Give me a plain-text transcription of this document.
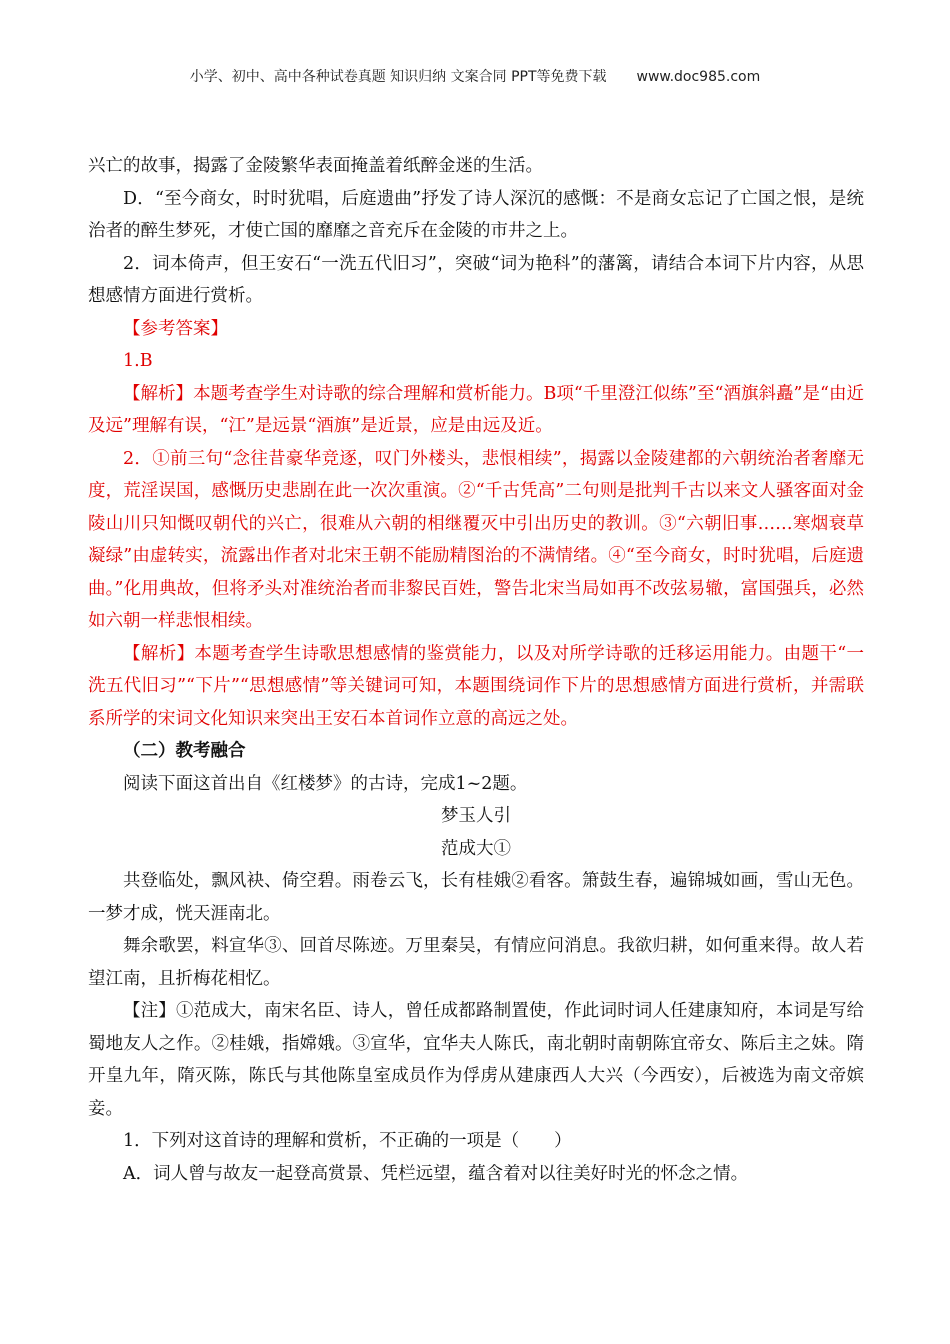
小学、初中、高中各种试卷真题 知识归纳 文案合同 PPT等免费下载 www.doc985.com

兴亡的故事，揭露了金陵繁华表面掩盖着纸醉金迷的生活。

D．“至今商女，时时犹唱，后庭遗曲”抒发了诗人深沉的感慨：不是商女忘记了亡国之恨，是统治者的醉生梦死，才使亡国的靡靡之音充斥在金陵的市井之上。

2．词本倚声，但王安石“一洗五代旧习”，突破“词为艳科”的藩篱，请结合本词下片内容，从思想感情方面进行赏析。

【参考答案】

1.B

【解析】本题考查学生对诗歌的综合理解和赏析能力。B项“千里澄江似练”至“酒旗斜矗”是“由近及远”理解有误，“江”是远景“酒旗”是近景，应是由远及近。

2．①前三句“念往昔豪华竞逐，叹门外楼头，悲恨相续”，揭露以金陵建都的六朝统治者奢靡无度，荒淫误国，感慨历史悲剧在此一次次重演。②“千古凭高”二句则是批判千古以来文人骚客面对金陵山川只知慨叹朝代的兴亡，很难从六朝的相继覆灭中引出历史的教训。③“六朝旧事……寒烟衰草凝绿”由虚转实，流露出作者对北宋王朝不能励精图治的不满情绪。④“至今商女，时时犹唱，后庭遗曲。”化用典故，但将矛头对准统治者而非黎民百姓，警告北宋当局如再不改弦易辙，富国强兵，必然如六朝一样悲恨相续。

【解析】本题考查学生诗歌思想感情的鉴赏能力，以及对所学诗歌的迁移运用能力。由题干“一洗五代旧习”“下片”“思想感情”等关键词可知，本题围绕词作下片的思想感情方面进行赏析，并需联系所学的宋词文化知识来突出王安石本首词作立意的高远之处。

（二）教考融合

阅读下面这首出自《红楼梦》的古诗，完成1~2题。

梦玉人引

范成大①

共登临处，飘风袂、倚空碧。雨卷云飞，长有桂娥②看客。箫鼓生春，遍锦城如画，雪山无色。一梦才成，恍天涯南北。

舞余歌罢，料宣华③、回首尽陈迹。万里秦吴，有情应问消息。我欲归耕，如何重来得。故人若望江南，且折梅花相忆。

【注】①范成大，南宋名臣、诗人，曾任成都路制置使，作此词时词人任建康知府，本词是写给蜀地友人之作。②桂娥，指嫦娥。③宣华，宜华夫人陈氏，南北朝时南朝陈宜帝女、陈后主之妹。隋开皇九年，隋灭陈，陈氏与其他陈皇室成员作为俘虏从建康西人大兴（今西安），后被选为南文帝嫔妾。

1．下列对这首诗的理解和赏析，不正确的一项是（　　）

A．词人曾与故友一起登高赏景、凭栏远望，蕴含着对以往美好时光的怀念之情。
